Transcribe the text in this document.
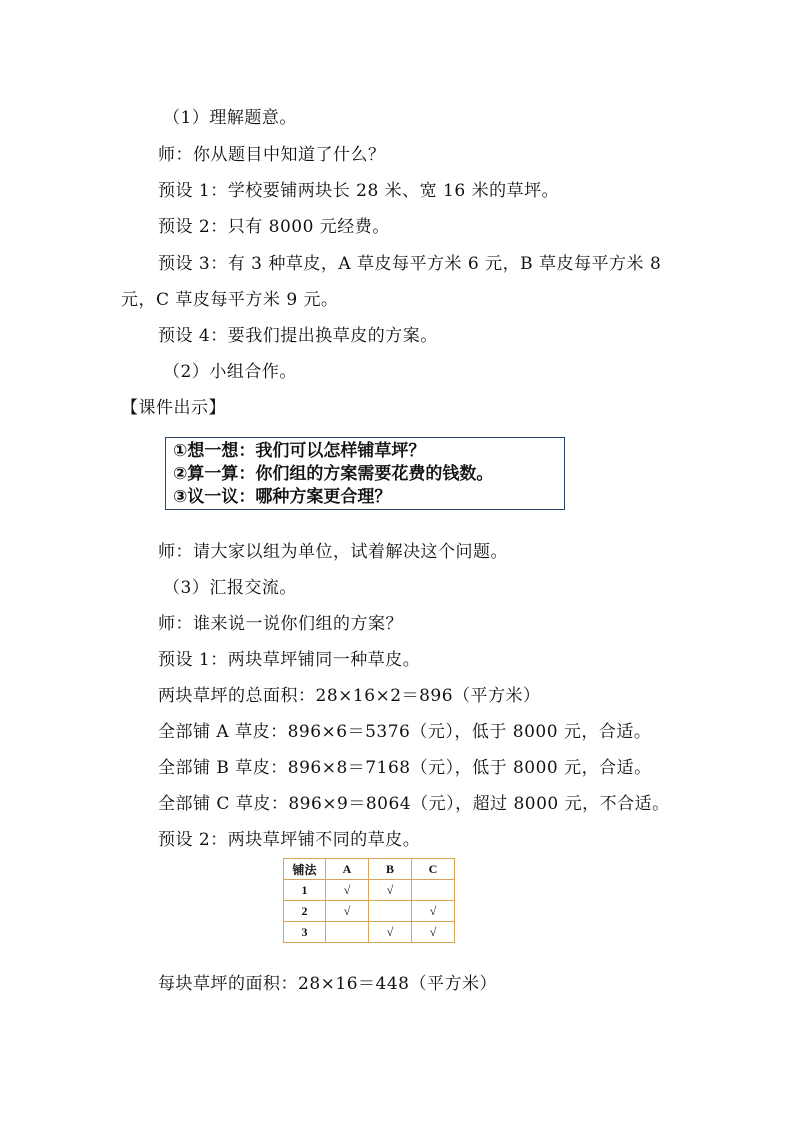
（1）理解题意。
师：你从题目中知道了什么？
预设 1：学校要铺两块长 28 米、宽 16 米的草坪。
预设 2：只有 8000 元经费。
预设 3：有 3 种草皮，A 草皮每平方米 6 元，B 草皮每平方米 8
元，C 草皮每平方米 9 元。
预设 4：要我们提出换草皮的方案。
（2）小组合作。
【课件出示】
①想一想：我们可以怎样铺草坪？
②算一算：你们组的方案需要花费的钱数。
③议一议：哪种方案更合理？
师：请大家以组为单位，试着解决这个问题。
（3）汇报交流。
师：谁来说一说你们组的方案？
预设 1：两块草坪铺同一种草皮。
两块草坪的总面积：28×16×2＝896（平方米）
全部铺 A 草皮：896×6＝5376（元），低于 8000 元，合适。
全部铺 B 草皮：896×8＝7168（元），低于 8000 元，合适。
全部铺 C 草皮：896×9＝8064（元），超过 8000 元，不合适。
预设 2：两块草坪铺不同的草皮。
铺法	A	B	C
1	√	√	
2	√		√
3		√	√
每块草坪的面积：28×16＝448（平方米）
